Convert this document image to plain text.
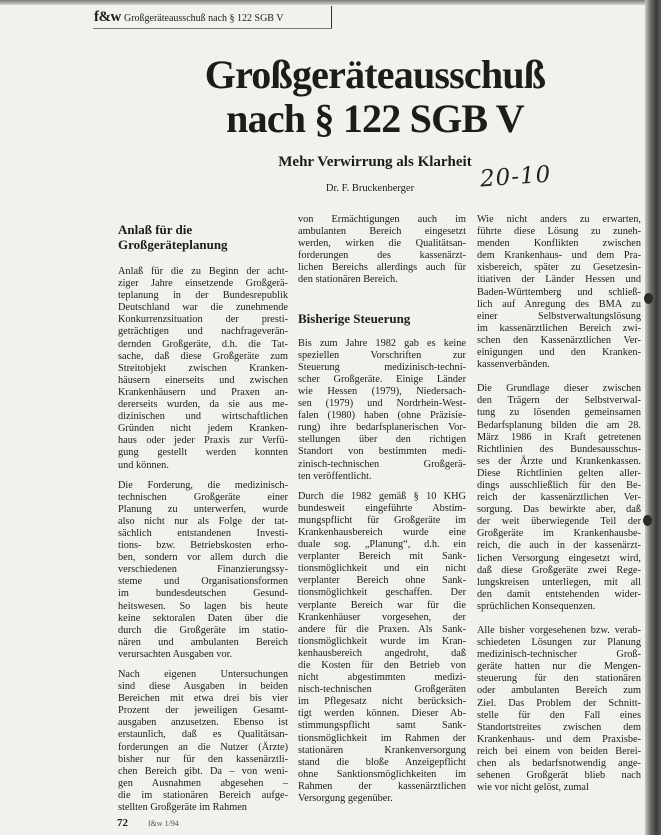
f&w Großgeräteausschuß nach § 122 SGB V
Großgeräteausschuß
nach § 122 SGB V
Mehr Verwirrung als Klarheit
Dr. F. Bruckenberger	20-10
Anlaß für die
Großgeräteplanung
Anlaß für die zu Beginn der acht-
ziger Jahre einsetzende Großgerä-
teplanung in der Bundesrepublik
Deutschland war die zunehmende
Konkurrenzsituation der presti-
geträchtigen und nachfrageverän-
dernden Großgeräte, d.h. die Tat-
sache, daß diese Großgeräte zum
Streitobjekt zwischen Kranken-
häusern einerseits und zwischen
Krankenhäusern und Praxen an-
dererseits wurden, da sie aus me-
dizinischen und wirtschaftlichen
Gründen nicht jedem Kranken-
haus oder jeder Praxis zur Verfü-
gung gestellt werden konnten
und können.
Die Forderung, die medizinisch-
technischen Großgeräte einer
Planung zu unterwerfen, wurde
also nicht nur als Folge der tat-
sächlich entstandenen Investi-
tions- bzw. Betriebskosten erho-
ben, sondern vor allem durch die
verschiedenen Finanzierungssy-
steme und Organisationsformen
im bundesdeutschen Gesund-
heitswesen. So lagen bis heute
keine sektoralen Daten über die
durch die Großgeräte im statio-
nären und ambulanten Bereich
verursachten Ausgaben vor.
Nach eigenen Untersuchungen
sind diese Ausgaben in beiden
Bereichen mit etwa drei bis vier
Prozent der jeweiligen Gesamt-
ausgaben anzusetzen. Ebenso ist
erstaunlich, daß es Qualitätsan-
forderungen an die Nutzer (Ärzte)
bisher nur für den kassenärztli-
chen Bereich gibt. Da – von weni-
gen Ausnahmen abgesehen –
die im stationären Bereich aufge-
stellten Großgeräte im Rahmen
von Ermächtigungen auch im
ambulanten Bereich eingesetzt
werden, wirken die Qualitätsan-
forderungen des kassenärzt-
lichen Bereichs allerdings auch für
den stationären Bereich.
Bisherige Steuerung
Bis zum Jahre 1982 gab es keine
speziellen Vorschriften zur
Steuerung medizinisch-techni-
scher Großgeräte. Einige Länder
wie Hessen (1979), Niedersach-
sen (1979) und Nordrhein-West-
falen (1980) haben (ohne Präzisie-
rung) ihre bedarfsplanerischen Vor-
stellungen über den richtigen
Standort von bestimmten medi-
zinisch-technischen Großgerä-
ten veröffentlicht.
Durch die 1982 gemäß § 10 KHG
bundesweit eingeführte Abstim-
mungspflicht für Großgeräte im
Krankenhausbereich wurde eine
duale sog. „Planung“, d.h. ein
verplanter Bereich mit Sank-
tionsmöglichkeit und ein nicht
verplanter Bereich ohne Sank-
tionsmöglichkeit geschaffen. Der
verplante Bereich war für die
Krankenhäuser vorgesehen, der
andere für die Praxen. Als Sank-
tionsmöglichkeit wurde im Kran-
kenhausbereich angedroht, daß
die Kosten für den Betrieb von
nicht abgestimmten medizi-
nisch-technischen Großgeräten
im Pflegesatz nicht berücksich-
tigt werden können. Dieser Ab-
stimmungspflicht samt Sank-
tionsmöglichkeit im Rahmen der
stationären Krankenversorgung
stand die bloße Anzeigepflicht
ohne Sanktionsmöglichkeiten im
Rahmen der kassenärztlichen
Versorgung gegenüber.
Wie nicht anders zu erwarten,
führte diese Lösung zu zuneh-
menden Konflikten zwischen
dem Krankenhaus- und dem Pra-
xisbereich, später zu Gesetzesin-
itiativen der Länder Hessen und
Baden-Württemberg und schließ-
lich auf Anregung des BMA zu
einer Selbstverwaltungslösung
im kassenärztlichen Bereich zwi-
schen den Kassenärztlichen Ver-
einigungen und den Kranken-
kassenverbänden.
Die Grundlage dieser zwischen
den Trägern der Selbstverwal-
tung zu lösenden gemeinsamen
Bedarfsplanung bilden die am 28.
März 1986 in Kraft getretenen
Richtlinien des Bundesausschus-
ses der Ärzte und Krankenkassen.
Diese Richtlinien gelten aller-
dings ausschließlich für den Be-
reich der kassenärztlichen Ver-
sorgung. Das bewirkte aber, daß
der weit überwiegende Teil der
Großgeräte im Krankenhausbe-
reich, die auch in der kassenärzt-
lichen Versorgung eingesetzt wird,
daß diese Großgeräte zwei Rege-
lungskreisen unterliegen, mit all
den damit entstehenden wider-
sprüchlichen Konsequenzen.
Alle bisher vorgesehenen bzw. verab-
schiedeten Lösungen zur Planung
medizinisch-technischer Groß-
geräte hatten nur die Mengen-
steuerung für den stationären
oder ambulanten Bereich zum
Ziel. Das Problem der Schnitt-
stelle für den Fall eines
Standortstreites zwischen dem
Krankenhaus- und dem Praxisbe-
reich bei einem von beiden Berei-
chen als bedarfsnotwendig ange-
sehenen Großgerät blieb nach
wie vor nicht gelöst, zumal
72	f&w 1/94
